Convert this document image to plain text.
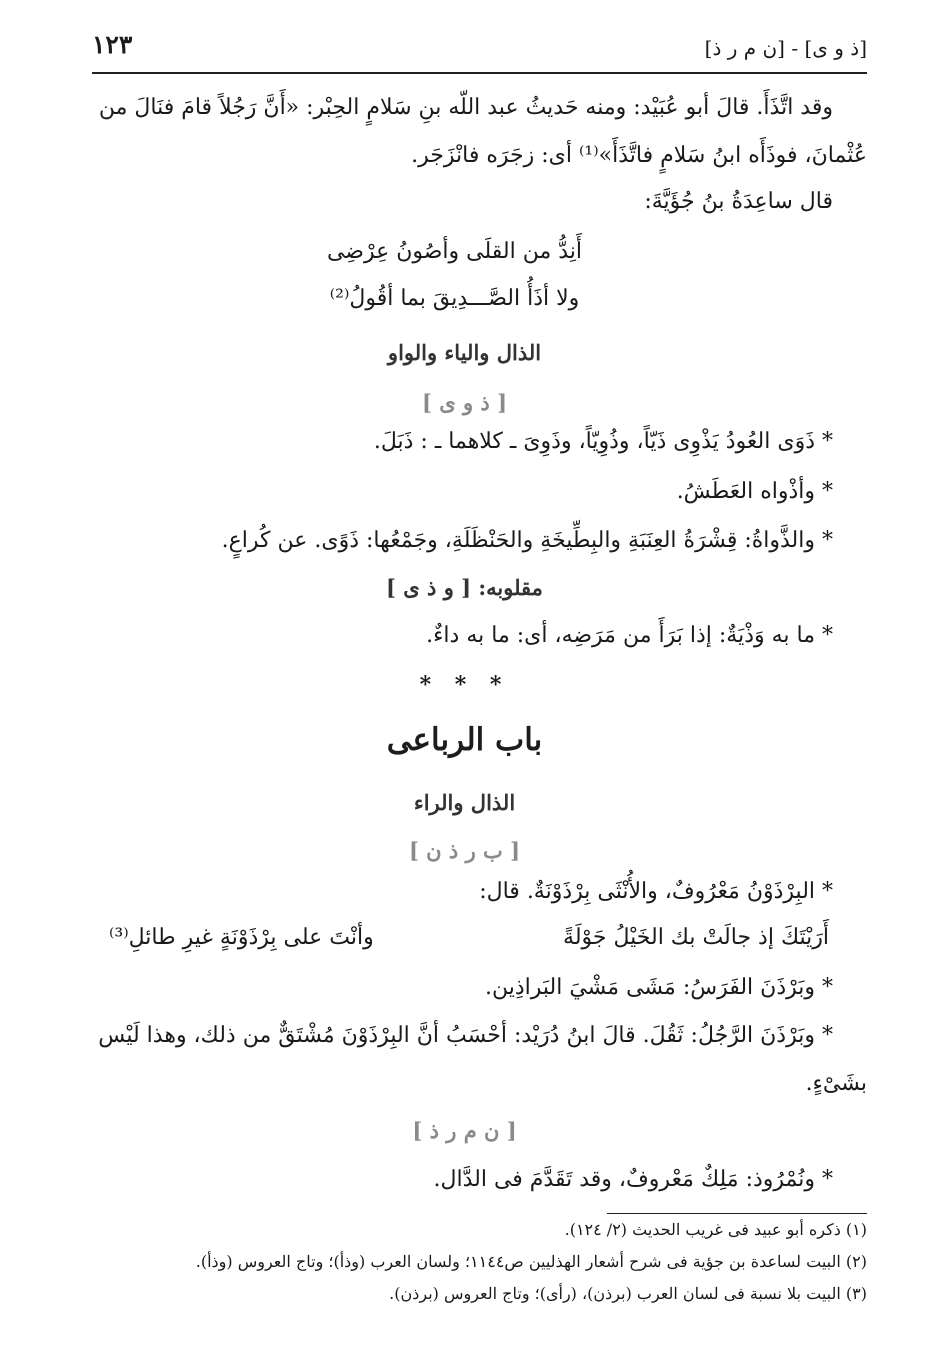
[ذ و ى] - [ن م ر ذ]
١٢٣
وقد اتَّذَأَ. قالَ أبو عُبَيْد: ومنه حَديثُ عبد اللّه بنِ سَلامٍ الحِبْر: «أَنَّ رَجُلاً قامَ فنَالَ من
عُثْمانَ، فوذَأَه ابنُ سَلامٍ فاتَّذَأَ»⁽¹⁾ أى: زجَرَه فانْزَجَر.
قال ساعِدَةُ بنُ جُؤَيَّةَ:
أَنِدُّ من القلَى وأصُونُ عِرْضِى
ولا أذَأُ الصَّـــدِيقَ بما أقُولُ⁽²⁾
الذال والياء والواو
[ ذ و ى ]
* ذَوَى العُودُ يَذْوِى ذَيّاً، وذُوِيّاً، وذَوِىَ ـ كلاهما ـ : ذَبَلَ.
* وأذْواه العَطَشُ.
* والذَّواةُ: قِشْرَةُ العِنَبَةِ والبِطِّيخَةِ والحَنْظَلَةِ، وجَمْعُها: ذَوًى. عن كُراعٍ.
مقلوبه: [ و ذ ى ]
* ما به وَذْيَةٌ: إذا بَرَأَ من مَرَضِه، أى: ما به داءٌ.
* * *
باب الرباعى
الذال والراء
[ ب ر ذ ن ]
* البِرْذَوْنُ مَعْرُوفٌ، والأُنْثَى بِرْذَوْنَةٌ. قال:
أَرَيْتَكَ إذ جالَتْ بك الخَيْلُ جَوْلَةً
وأنْتَ على بِرْذَوْنَةٍ غيرِ طائلِ⁽³⁾
* وبَرْذَنَ الفَرَسُ: مَشَى مَشْيَ البَراذِين.
* وبَرْذَنَ الرَّجُلُ: ثَقُلَ. قالَ ابنُ دُرَيْد: أحْسَبُ أنَّ البِرْذَوْنَ مُشْتَقٌّ من ذلك، وهذا لَيْس
بشَىْءٍ.
[ ن م ر ذ ]
* ونُمْرُوذ: مَلِكٌ مَعْروفٌ، وقد تَقَدَّمَ فى الدَّال.
(١) ذكره أبو عبيد فى غريب الحديث (٢/ ١٢٤).
(٢) البيت لساعدة بن جؤية فى شرح أشعار الهذليين ص١١٤٤؛ ولسان العرب (وذأ)؛ وتاج العروس (وذأ).
(٣) البيت بلا نسبة فى لسان العرب (برذن)، (رأى)؛ وتاج العروس (برذن).
